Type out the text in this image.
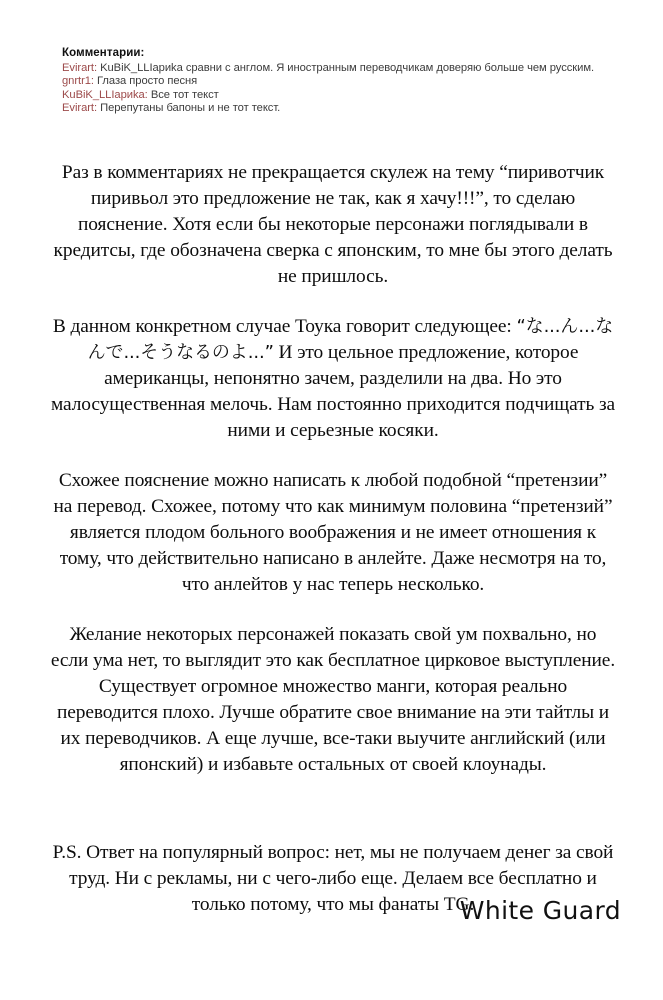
Комментарии:
Evirart: KuBiK_LLIapиka сравни с англом. Я иностранным переводчикам доверяю больше чем русским.
gnrtr1: Глаза просто песня
KuBiK_LLIapиka: Все тот текст
Evirart: Перепутаны бапоны и не тот текст.

Раз в комментариях не прекращается скулеж на тему “пиривотчик пиривьол это предложение не так, как я хачу!!!”, то сделаю пояснение. Хотя если бы некоторые персонажи поглядывали в кредитсы, где обозначена сверка с японским, то мне бы этого делать не пришлось.

В данном конкретном случае Тоука говорит следующее: “な...ん...なんで...そうなるのよ...” И это цельное предложение, которое американцы, непонятно зачем, разделили на два. Но это малосущественная мелочь. Нам постоянно приходится подчищать за ними и серьезные косяки.

Схожее пояснение можно написать к любой подобной “претензии” на перевод. Схожее, потому что как минимум половина “претензий” является плодом больного воображения и не имеет отношения к тому, что действительно написано в анлейте. Даже несмотря на то, что анлейтов у нас теперь несколько.

Желание некоторых персонажей показать свой ум похвально, но если ума нет, то выглядит это как бесплатное цирковое выступление. Существует огромное множество манги, которая реально переводится плохо. Лучше обратите свое внимание на эти тайтлы и их переводчиков. А еще лучше, все-таки выучите английский (или японский) и избавьте остальных от своей клоунады.

P.S. Ответ на популярный вопрос: нет, мы не получаем денег за свой труд. Ни с рекламы, ни с чего-либо еще. Делаем все бесплатно и только потому, что мы фанаты TG.

White Guard
